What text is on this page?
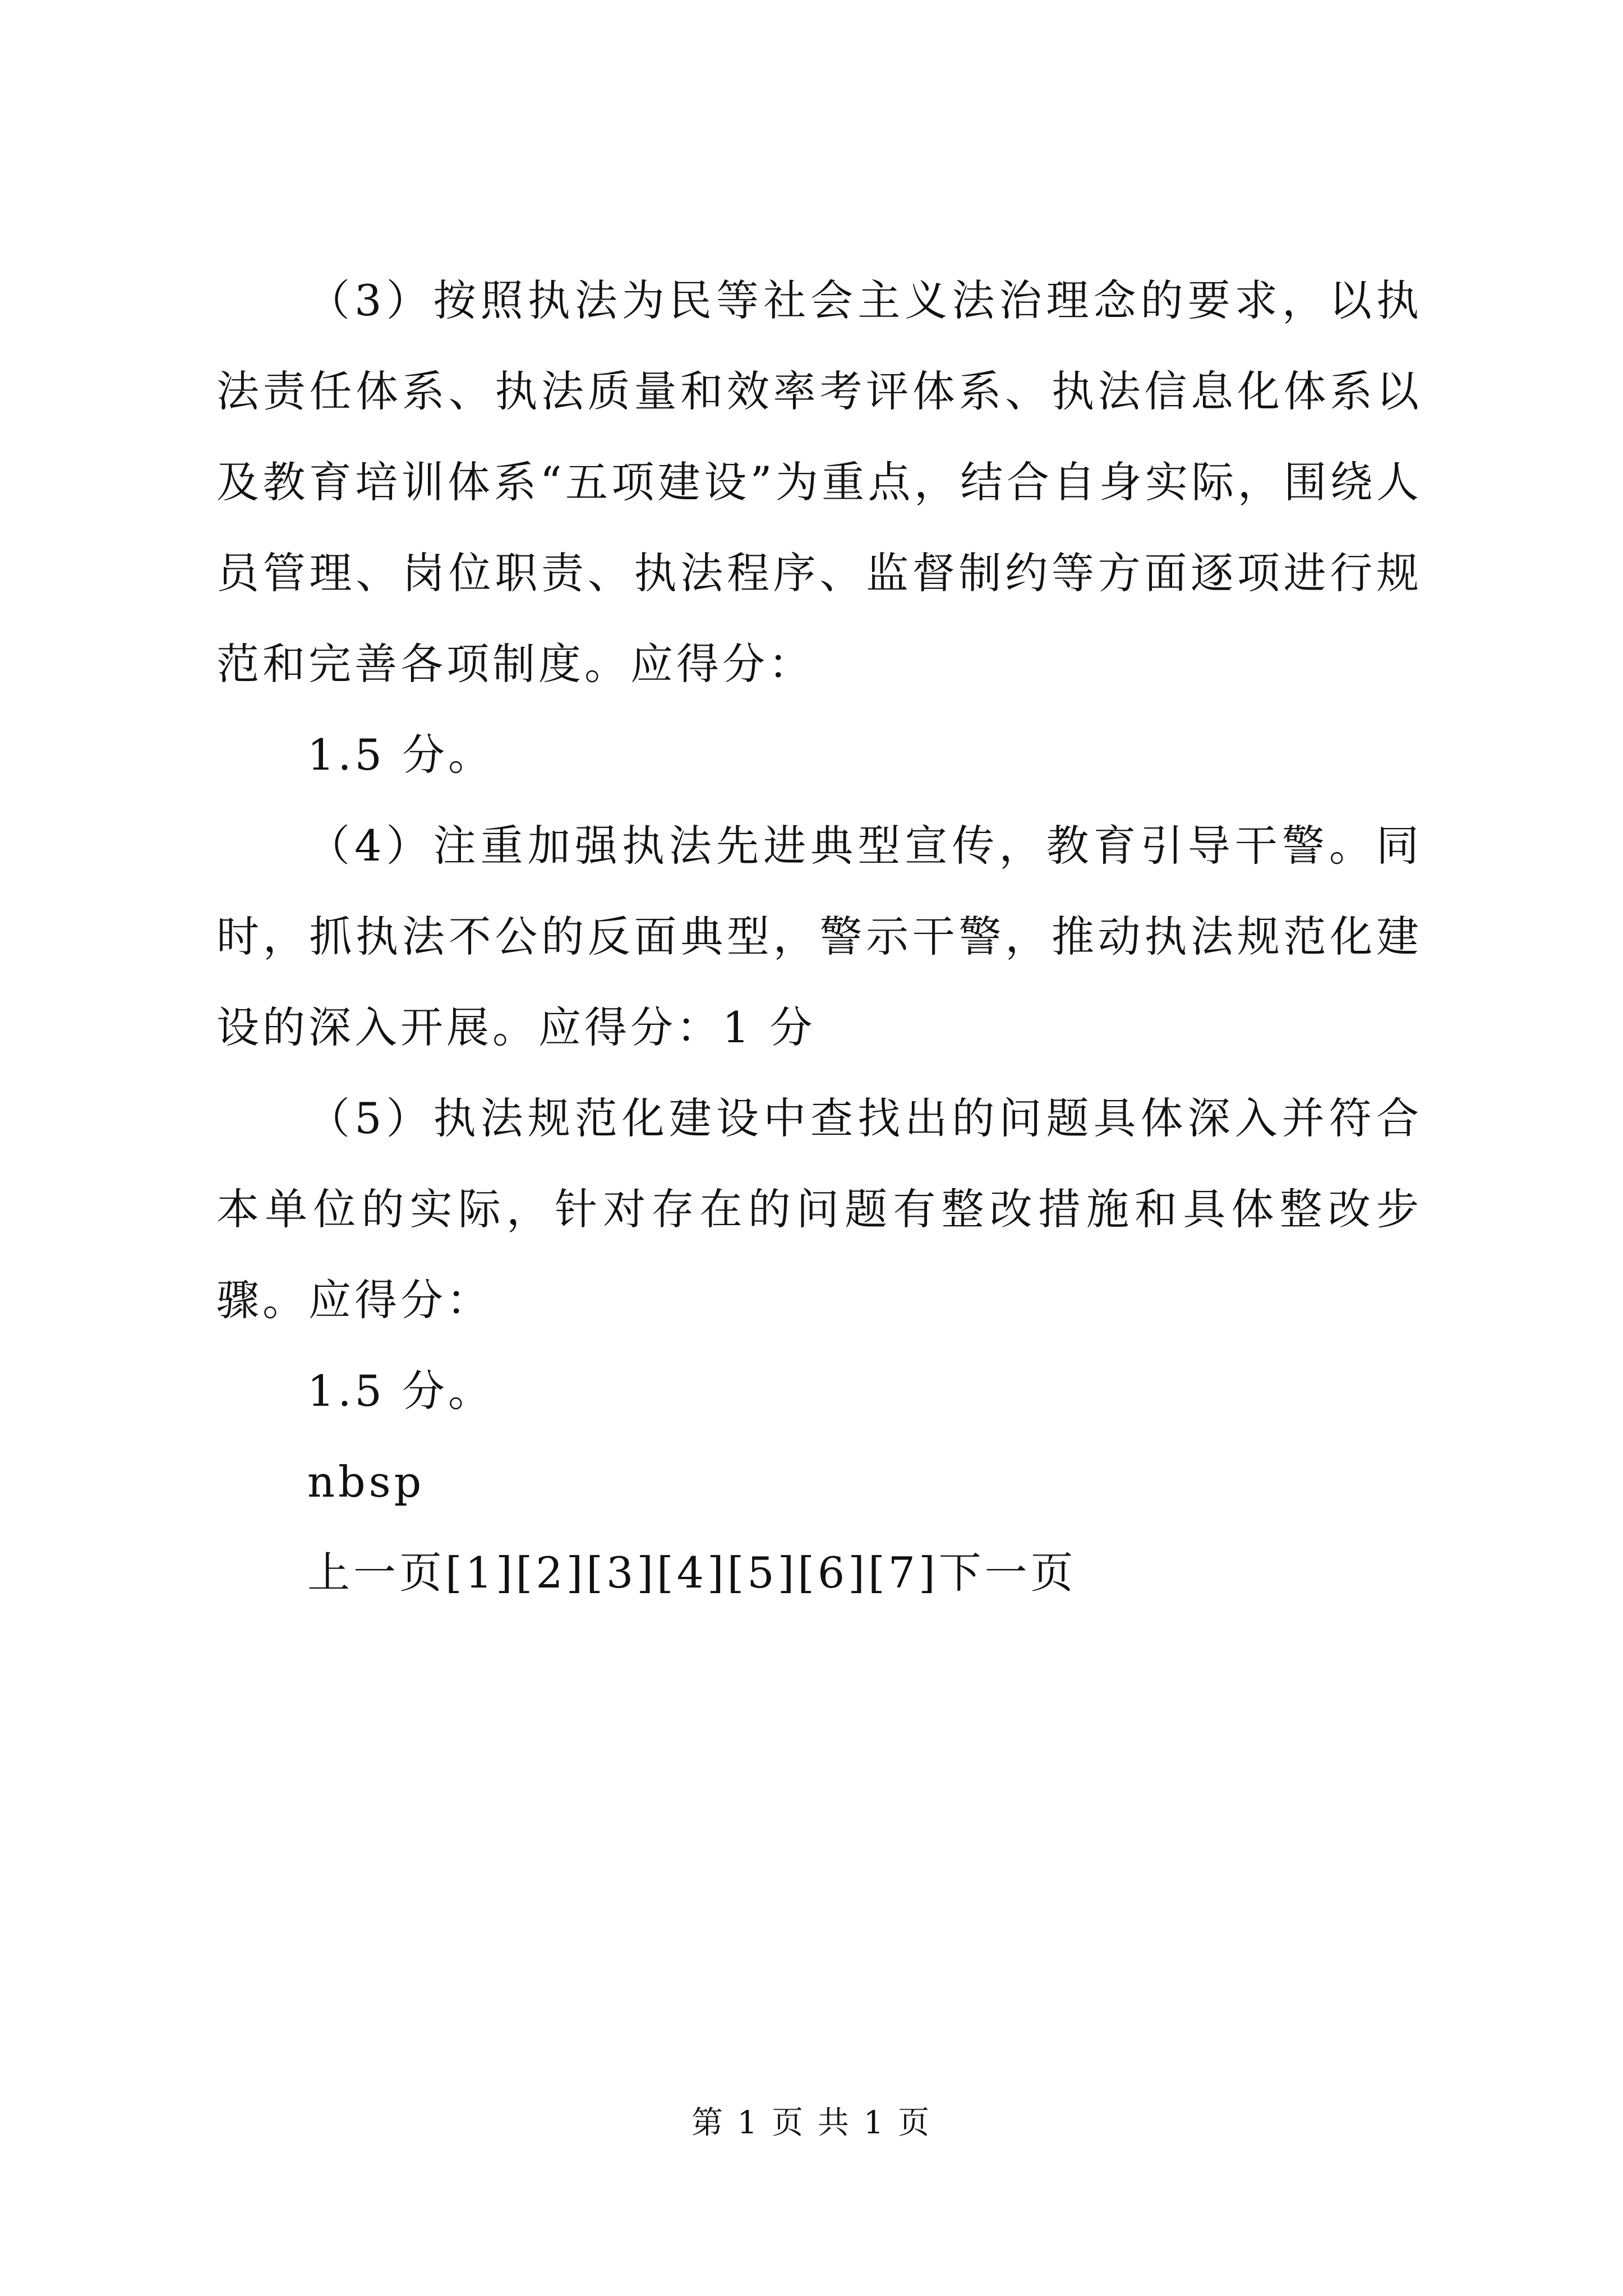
（3）按照执法为民等社会主义法治理念的要求，以执法责任体系、执法质量和效率考评体系、执法信息化体系以及教育培训体系“五项建设”为重点，结合自身实际，围绕人员管理、岗位职责、执法程序、监督制约等方面逐项进行规范和完善各项制度。应得分：

1.5 分。

（4）注重加强执法先进典型宣传，教育引导干警。同时，抓执法不公的反面典型，警示干警，推动执法规范化建设的深入开展。应得分：1 分

（5）执法规范化建设中查找出的问题具体深入并符合本单位的实际，针对存在的问题有整改措施和具体整改步骤。应得分：

1.5 分。

nbsp

上一页[1][2][3][4][5][6][7]下一页

第 1 页 共 1 页
